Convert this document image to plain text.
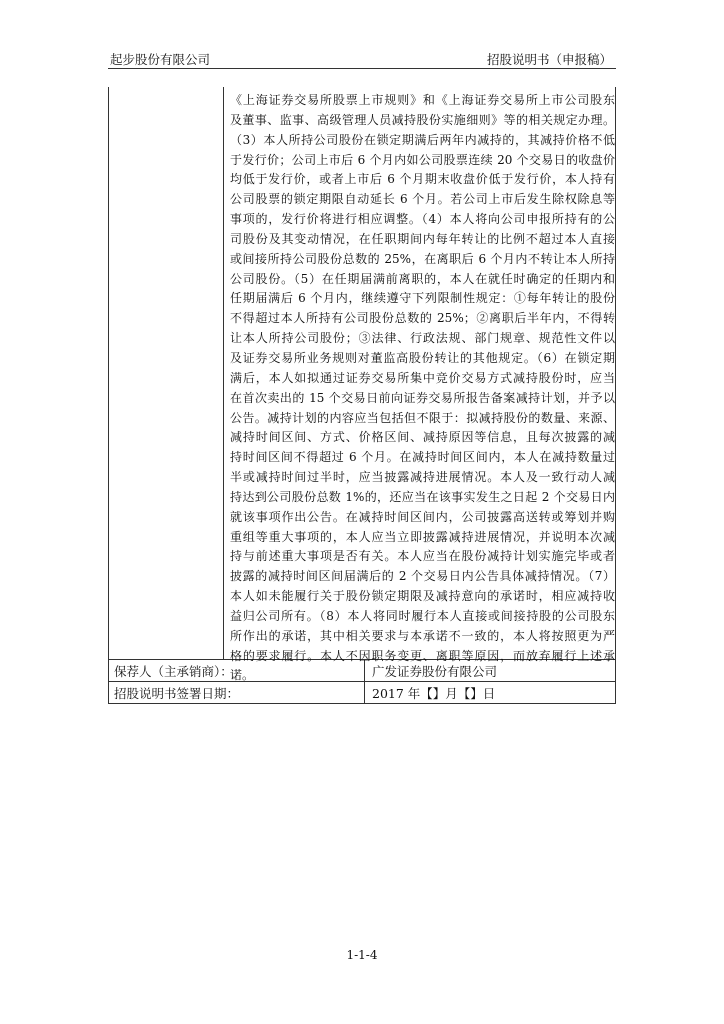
起步股份有限公司	招股说明书（申报稿）
《上海证券交易所股票上市规则》和《上海证券交易所上市公司股东
及董事、监事、高级管理人员减持股份实施细则》等的相关规定办理。
（3）本人所持公司股份在锁定期满后两年内减持的，其减持价格不低
于发行价；公司上市后 6 个月内如公司股票连续 20 个交易日的收盘价
均低于发行价，或者上市后 6 个月期末收盘价低于发行价，本人持有
公司股票的锁定期限自动延长 6 个月。若公司上市后发生除权除息等
事项的，发行价将进行相应调整。（4）本人将向公司申报所持有的公
司股份及其变动情况，在任职期间内每年转让的比例不超过本人直接
或间接所持公司股份总数的 25%，在离职后 6 个月内不转让本人所持
公司股份。（5）在任期届满前离职的，本人在就任时确定的任期内和
任期届满后 6 个月内，继续遵守下列限制性规定：①每年转让的股份
不得超过本人所持有公司股份总数的 25%；②离职后半年内，不得转
让本人所持公司股份；③法律、行政法规、部门规章、规范性文件以
及证券交易所业务规则对董监高股份转让的其他规定。（6）在锁定期
满后，本人如拟通过证券交易所集中竞价交易方式减持股份时，应当
在首次卖出的 15 个交易日前向证券交易所报告备案减持计划，并予以
公告。减持计划的内容应当包括但不限于：拟减持股份的数量、来源、
减持时间区间、方式、价格区间、减持原因等信息，且每次披露的减
持时间区间不得超过 6 个月。在减持时间区间内，本人在减持数量过
半或减持时间过半时，应当披露减持进展情况。本人及一致行动人减
持达到公司股份总数 1%的，还应当在该事实发生之日起 2 个交易日内
就该事项作出公告。在减持时间区间内，公司披露高送转或筹划并购
重组等重大事项的，本人应当立即披露减持进展情况，并说明本次减
持与前述重大事项是否有关。本人应当在股份减持计划实施完毕或者
披露的减持时间区间届满后的 2 个交易日内公告具体减持情况。（7）
本人如未能履行关于股份锁定期限及减持意向的承诺时，相应减持收
益归公司所有。（8）本人将同时履行本人直接或间接持股的公司股东
所作出的承诺，其中相关要求与本承诺不一致的，本人将按照更为严
格的要求履行。本人不因职务变更、离职等原因，而放弃履行上述承
诺。
保荐人（主承销商）：	广发证券股份有限公司
招股说明书签署日期：	2017 年【】月【】日
1-1-4
